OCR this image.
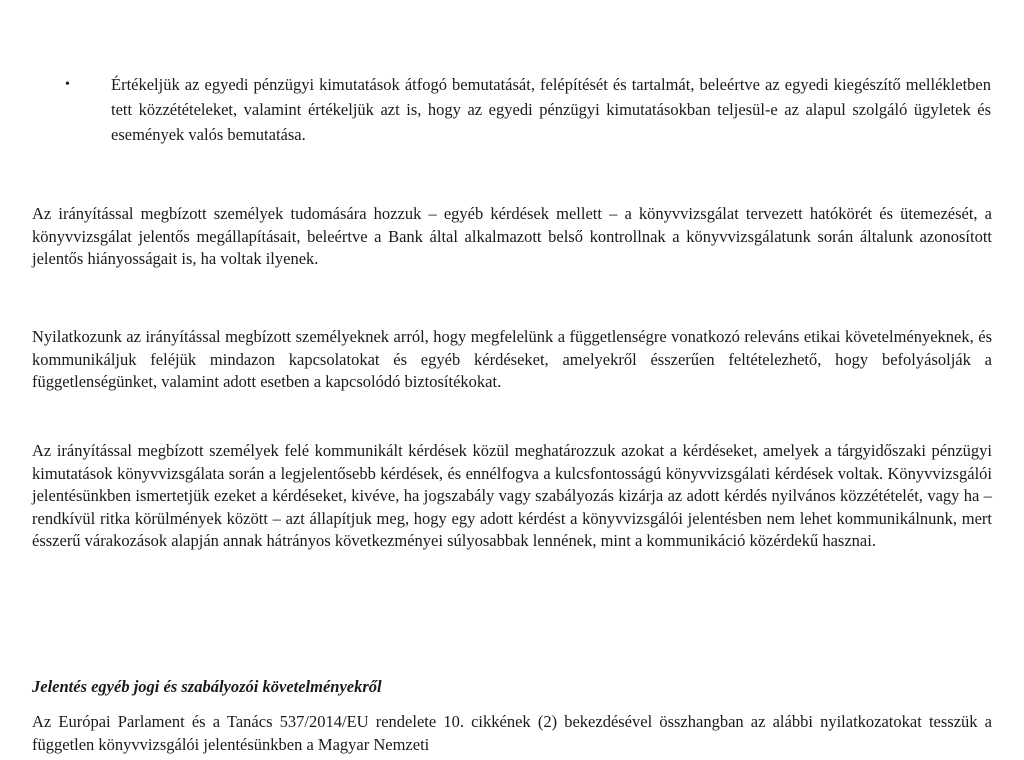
•	Értékeljük az egyedi pénzügyi kimutatások átfogó bemutatását, felépítését és tartalmát, beleértve az egyedi kiegészítő mellékletben tett közzétételeket, valamint értékeljük azt is, hogy az egyedi pénzügyi kimutatásokban teljesül-e az alapul szolgáló ügyletek és események valós bemutatása.

Az irányítással megbízott személyek tudomására hozzuk – egyéb kérdések mellett – a könyvvizsgálat tervezett hatókörét és ütemezését, a könyvvizsgálat jelentős megállapításait, beleértve a Bank által alkalmazott belső kontrollnak a könyvvizsgálatunk során általunk azonosított jelentős hiányosságait is, ha voltak ilyenek.

Nyilatkozunk az irányítással megbízott személyeknek arról, hogy megfelelünk a függetlenségre vonatkozó releváns etikai követelményeknek, és kommunikáljuk feléjük mindazon kapcsolatokat és egyéb kérdéseket, amelyekről ésszerűen feltételezhető, hogy befolyásolják a függetlenségünket, valamint adott esetben a kapcsolódó biztosítékokat.

Az irányítással megbízott személyek felé kommunikált kérdések közül meghatározzuk azokat a kérdéseket, amelyek a tárgyidőszaki pénzügyi kimutatások könyvvizsgálata során a legjelentősebb kérdések, és ennélfogva a kulcsfontosságú könyvvizsgálati kérdések voltak. Könyvvizsgálói jelentésünkben ismertetjük ezeket a kérdéseket, kivéve, ha jogszabály vagy szabályozás kizárja az adott kérdés nyilvános közzétételét, vagy ha – rendkívül ritka körülmények között – azt állapítjuk meg, hogy egy adott kérdést a könyvvizsgálói jelentésben nem lehet kommunikálnunk, mert ésszerű várakozások alapján annak hátrányos következményei súlyosabbak lennének, mint a kommunikáció közérdekű hasznai.

Jelentés egyéb jogi és szabályozói követelményekről

Az Európai Parlament és a Tanács 537/2014/EU rendelete 10. cikkének (2) bekezdésével összhangban az alábbi nyilatkozatokat tesszük a független könyvvizsgálói jelentésünkben a Magyar Nemzeti
